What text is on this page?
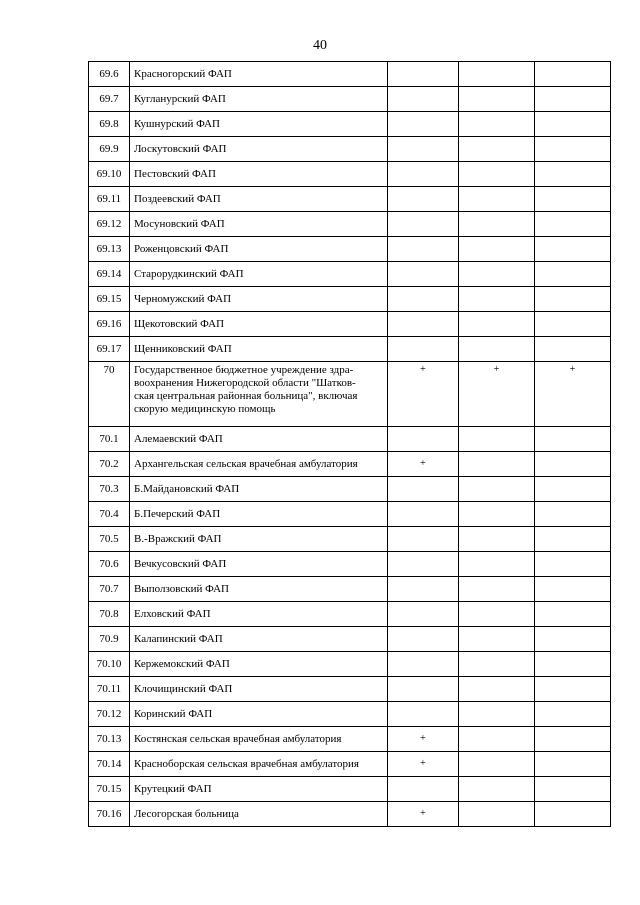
40
69.6	Красногорский ФАП			
69.7	Кугланурский ФАП			
69.8	Кушнурский ФАП			
69.9	Лоскутовский ФАП			
69.10	Пестовский ФАП			
69.11	Поздеевский ФАП			
69.12	Мосуновский ФАП			
69.13	Роженцовский ФАП			
69.14	Старорудкинский ФАП			
69.15	Черномужский ФАП			
69.16	Щекотовский ФАП			
69.17	Щенниковский ФАП			
70	Государственное бюджетное учреждение здра-
воохранения Нижегородской области "Шатков-
ская центральная районная больница", включая
скорую медицинскую помощь	+	+	+
70.1	Алемаевский ФАП			
70.2	Архангельская сельская врачебная амбулатория	+		
70.3	Б.Майдановский ФАП			
70.4	Б.Печерский ФАП			
70.5	В.-Вражский ФАП			
70.6	Вечкусовский ФАП			
70.7	Выползовский ФАП			
70.8	Елховский ФАП			
70.9	Калапинский ФАП			
70.10	Кержемокский ФАП			
70.11	Клочищинский ФАП			
70.12	Коринский ФАП			
70.13	Костянская сельская врачебная амбулатория	+		
70.14	Красноборская сельская врачебная амбулатория	+		
70.15	Крутецкий ФАП			
70.16	Лесогорская больница	+		
